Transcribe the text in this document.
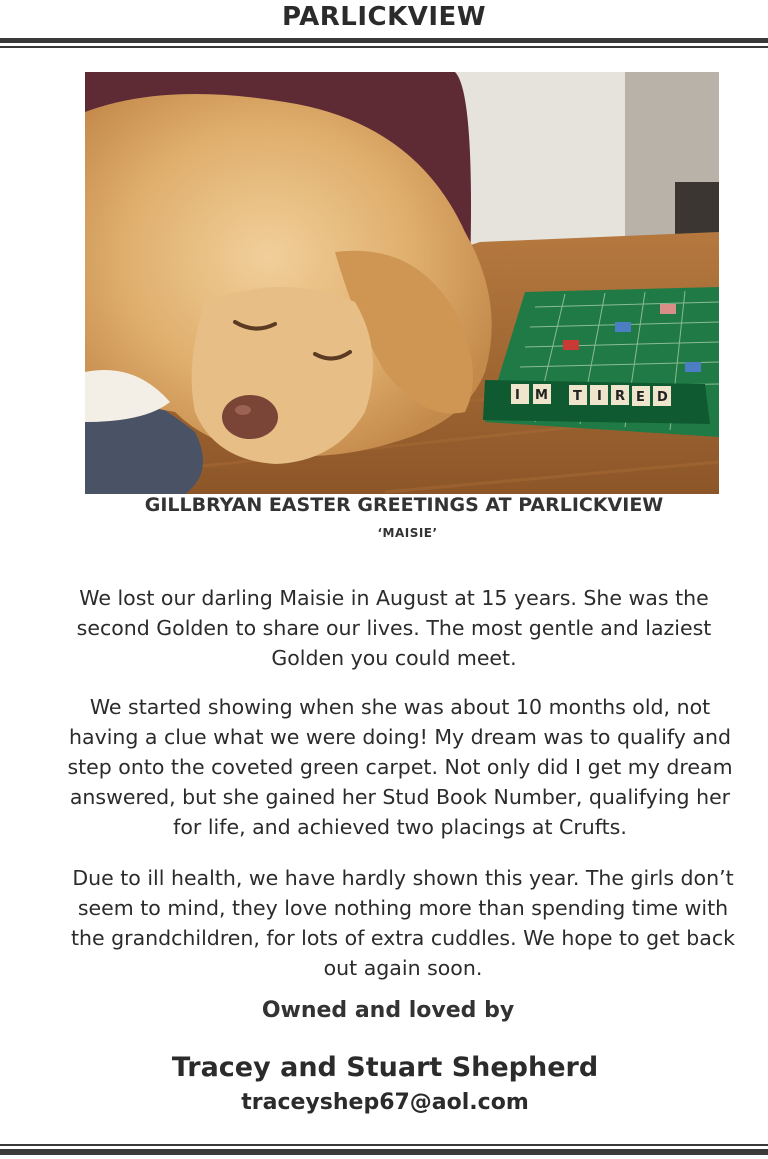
PARLICKVIEW
I M T I R E D
GILLBRYAN EASTER GREETINGS AT PARLICKVIEW
‘MAISIE’
We lost our darling Maisie in August at 15 years. She was the second Golden to share our lives. The most gentle and laziest Golden you could meet.
We started showing when she was about 10 months old, not having a clue what we were doing! My dream was to qualify and step onto the coveted green carpet. Not only did I get my dream answered, but she gained her Stud Book Number, qualifying her for life, and achieved two placings at Crufts.
Due to ill health, we have hardly shown this year. The girls don’t seem to mind, they love nothing more than spending time with the grandchildren, for lots of extra cuddles. We hope to get back out again soon.
Owned and loved by
Tracey and Stuart Shepherd
traceyshep67@aol.com
